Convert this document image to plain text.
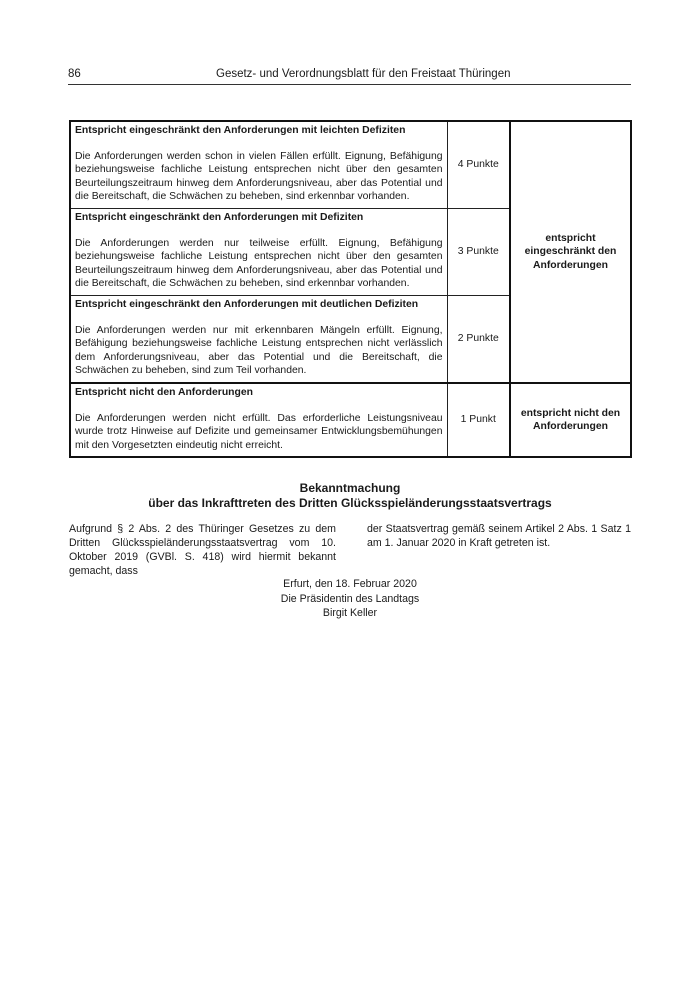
86	Gesetz- und Verordnungsblatt für den Freistaat Thüringen
Entspricht eingeschränkt den Anforderungen mit leichten Defiziten
Die Anforderungen werden schon in vielen Fällen erfüllt. Eignung, Befähigung beziehungsweise fachliche Leistung entsprechen nicht über den gesamten Beurteilungszeitraum hinweg dem Anforderungsniveau, aber das Potential und die Bereitschaft, die Schwächen zu beheben, sind erkennbar vorhanden.	4 Punkte	entspricht eingeschränkt den Anforderungen

Entspricht eingeschränkt den Anforderungen mit Defiziten
Die Anforderungen werden nur teilweise erfüllt. Eignung, Befähigung beziehungsweise fachliche Leistung entsprechen nicht über den gesamten Beurteilungszeitraum hinweg dem Anforderungsniveau, aber das Potential und die Bereitschaft, die Schwächen zu beheben, sind erkennbar vorhanden.	3 Punkte	

Entspricht eingeschränkt den Anforderungen mit deutlichen Defiziten
Die Anforderungen werden nur mit erkennbaren Mängeln erfüllt. Eignung, Befähigung beziehungsweise fachliche Leistung entsprechen nicht verlässlich dem Anforderungsniveau, aber das Potential und die Bereitschaft, die Schwächen zu beheben, sind zum Teil vorhanden.	2 Punkte	

Entspricht nicht den Anforderungen
Die Anforderungen werden nicht erfüllt. Das erforderliche Leistungsniveau wurde trotz Hinweise auf Defizite und gemeinsamer Entwicklungsbemühungen mit den Vorgesetzten eindeutig nicht erreicht.	1 Punkt	entspricht nicht den Anforderungen
Bekanntmachung
über das Inkrafttreten des Dritten Glücksspieländerungsstaatsvertrags
Aufgrund § 2 Abs. 2 des Thüringer Gesetzes zu dem Dritten Glücksspieländerungsstaatsvertrag vom 10. Oktober 2019 (GVBl. S. 418) wird hiermit bekannt gemacht, dass
der Staatsvertrag gemäß seinem Artikel 2 Abs. 1 Satz 1 am 1. Januar 2020 in Kraft getreten ist.
Erfurt, den 18. Februar 2020
Die Präsidentin des Landtags
Birgit Keller
